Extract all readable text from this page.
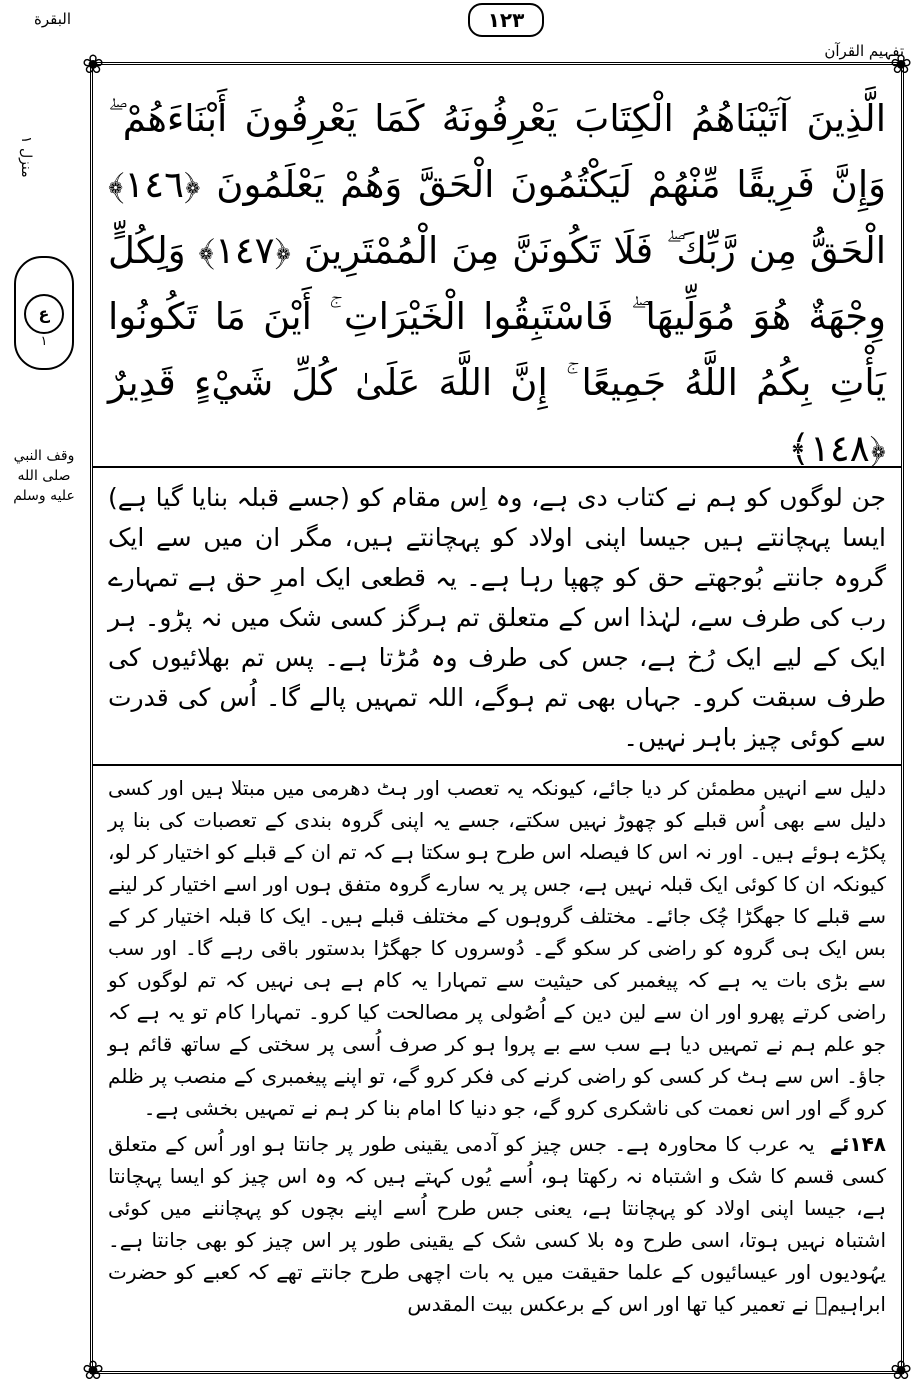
البقرة	۱۲۳
تفہیم القرآن
منزل ١
ع
١
وقف النبي
صلى الله عليه وسلم
❀	❀
❀	❀
الَّذِينَ آتَيْنَاهُمُ الْكِتَابَ يَعْرِفُونَهُ كَمَا يَعْرِفُونَ أَبْنَاءَهُمْ ۖ وَإِنَّ فَرِيقًا مِّنْهُمْ لَيَكْتُمُونَ الْحَقَّ وَهُمْ يَعْلَمُونَ ﴿١٤٦﴾ الْحَقُّ مِن رَّبِّكَ ۖ فَلَا تَكُونَنَّ مِنَ الْمُمْتَرِينَ ﴿١٤٧﴾ وَلِكُلٍّ وِجْهَةٌ هُوَ مُوَلِّيهَا ۖ فَاسْتَبِقُوا الْخَيْرَاتِ ۚ أَيْنَ مَا تَكُونُوا يَأْتِ بِكُمُ اللَّهُ جَمِيعًا ۚ إِنَّ اللَّهَ عَلَىٰ كُلِّ شَيْءٍ قَدِيرٌ ﴿١٤٨﴾
جن لوگوں کو ہم نے کتاب دی ہے، وہ اِس مقام کو (جسے قبلہ بنایا گیا ہے) ایسا پہچانتے ہیں جیسا اپنی اولاد کو پہچانتے ہیں، مگر ان میں سے ایک گروہ جانتے بُوجھتے حق کو چھپا رہا ہے۔ یہ قطعی ایک امرِ حق ہے تمہارے رب کی طرف سے، لہٰذا اس کے متعلق تم ہرگز کسی شک میں نہ پڑو۔ ہر ایک کے لیے ایک رُخ ہے، جس کی طرف وہ مُڑتا ہے۔ پس تم بھلائیوں کی طرف سبقت کرو۔ جہاں بھی تم ہوگے، اللہ تمہیں پالے گا۔ اُس کی قدرت سے کوئی چیز باہر نہیں۔

دلیل سے انہیں مطمئن کر دیا جائے، کیونکہ یہ تعصب اور ہٹ دھرمی میں مبتلا ہیں اور کسی دلیل سے بھی اُس قبلے کو چھوڑ نہیں سکتے، جسے یہ اپنی گروہ بندی کے تعصبات کی بنا پر پکڑے ہوئے ہیں۔ اور نہ اس کا فیصلہ اس طرح ہو سکتا ہے کہ تم ان کے قبلے کو اختیار کر لو، کیونکہ ان کا کوئی ایک قبلہ نہیں ہے، جس پر یہ سارے گروہ متفق ہوں اور اسے اختیار کر لینے سے قبلے کا جھگڑا چُک جائے۔ مختلف گروہوں کے مختلف قبلے ہیں۔ ایک کا قبلہ اختیار کر کے بس ایک ہی گروہ کو راضی کر سکو گے۔ دُوسروں کا جھگڑا بدستور باقی رہے گا۔ اور سب سے بڑی بات یہ ہے کہ پیغمبر کی حیثیت سے تمہارا یہ کام ہے ہی نہیں کہ تم لوگوں کو راضی کرتے پھرو اور ان سے لین دین کے اُصُولی پر مصالحت کیا کرو۔ تمہارا کام تو یہ ہے کہ جو علم ہم نے تمہیں دیا ہے سب سے بے پروا ہو کر صرف اُسی پر سختی کے ساتھ قائم ہو جاؤ۔ اس سے ہٹ کر کسی کو راضی کرنے کی فکر کرو گے، تو اپنے پیغمبری کے منصب پر ظلم کرو گے اور اس نعمت کی ناشکری کرو گے، جو دنیا کا امام بنا کر ہم نے تمہیں بخشی ہے۔

۱۴۸ئے یہ عرب کا محاورہ ہے۔ جس چیز کو آدمی یقینی طور پر جانتا ہو اور اُس کے متعلق کسی قسم کا شک و اشتباہ نہ رکھتا ہو، اُسے یُوں کہتے ہیں کہ وہ اس چیز کو ایسا پہچانتا ہے، جیسا اپنی اولاد کو پہچانتا ہے، یعنی جس طرح اُسے اپنے بچوں کو پہچاننے میں کوئی اشتباہ نہیں ہوتا، اسی طرح وہ بلا کسی شک کے یقینی طور پر اس چیز کو بھی جانتا ہے۔ یہُودیوں اور عیسائیوں کے علما حقیقت میں یہ بات اچھی طرح جانتے تھے کہ کعبے کو حضرت ابراہیمؑ نے تعمیر کیا تھا اور اس کے برعکس بیت المقدس
